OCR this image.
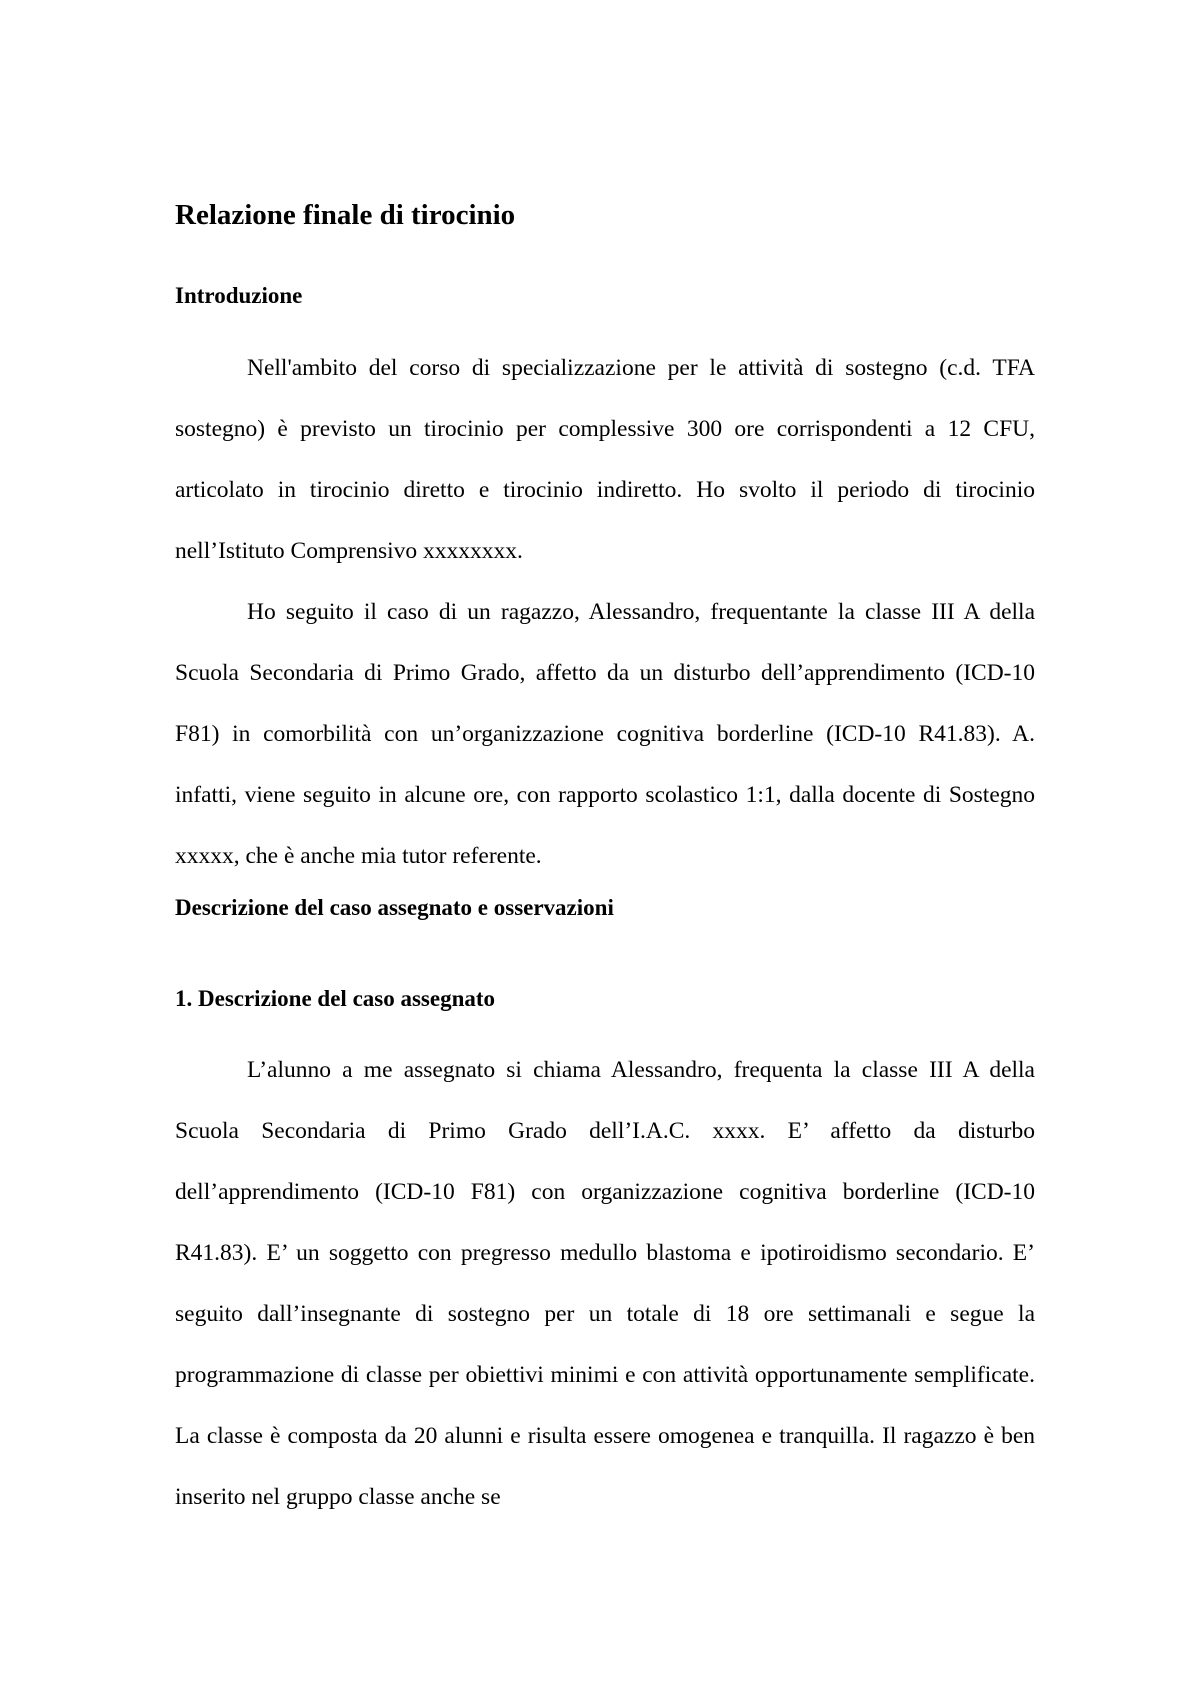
Relazione finale di tirocinio
Introduzione

Nell'ambito del corso di specializzazione per le attività di sostegno (c.d. TFA sostegno) è previsto un tirocinio per complessive 300 ore corrispondenti a 12 CFU, articolato in tirocinio diretto e tirocinio indiretto. Ho svolto il periodo di tirocinio nell’Istituto Comprensivo xxxxxxxx.

Ho seguito il caso di un ragazzo, Alessandro, frequentante la classe III A della Scuola Secondaria di Primo Grado, affetto da un disturbo dell’apprendimento (ICD-10 F81) in comorbilità con un’organizzazione cognitiva borderline (ICD-10 R41.83). A. infatti, viene seguito in alcune ore, con rapporto scolastico 1:1, dalla docente di Sostegno xxxxx, che è anche mia tutor referente.

Descrizione del caso assegnato e osservazioni
1. Descrizione del caso assegnato

L’alunno a me assegnato si chiama Alessandro, frequenta la classe III A della Scuola Secondaria di Primo Grado dell’I.A.C. xxxx. E’ affetto da disturbo dell’apprendimento (ICD-10 F81) con organizzazione cognitiva borderline (ICD-10 R41.83). E’ un soggetto con pregresso medullo blastoma e ipotiroidismo secondario. E’ seguito dall’insegnante di sostegno per un totale di 18 ore settimanali e segue la programmazione di classe per obiettivi minimi e con attività opportunamente semplificate. La classe è composta da 20 alunni e risulta essere omogenea e tranquilla. Il ragazzo è ben inserito nel gruppo classe anche se
